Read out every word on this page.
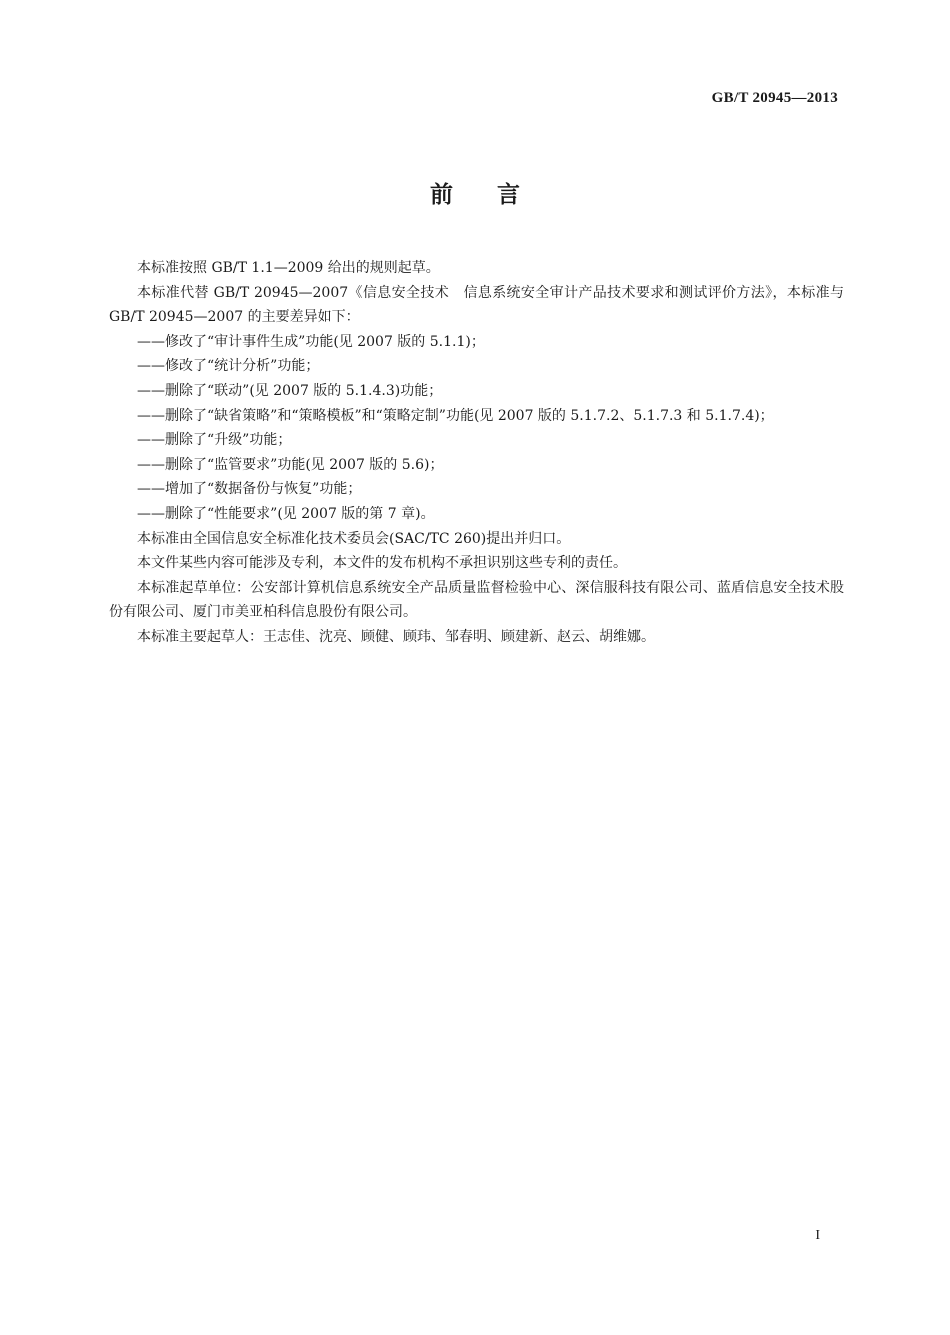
GB/T 20945—2013
前言

本标准按照 GB/T 1.1—2009 给出的规则起草。

本标准代替 GB/T 20945—2007《信息安全技术　信息系统安全审计产品技术要求和测试评价方法》，本标准与 GB/T 20945—2007 的主要差异如下：

——修改了“审计事件生成”功能(见 2007 版的 5.1.1)；

——修改了“统计分析”功能；

——删除了“联动”(见 2007 版的 5.1.4.3)功能；

——删除了“缺省策略”和“策略模板”和“策略定制”功能(见 2007 版的 5.1.7.2、5.1.7.3 和 5.1.7.4)；

——删除了“升级”功能；

——删除了“监管要求”功能(见 2007 版的 5.6)；

——增加了“数据备份与恢复”功能；

——删除了“性能要求”(见 2007 版的第 7 章)。

本标准由全国信息安全标准化技术委员会(SAC/TC 260)提出并归口。

本文件某些内容可能涉及专利，本文件的发布机构不承担识别这些专利的责任。

本标准起草单位：公安部计算机信息系统安全产品质量监督检验中心、深信服科技有限公司、蓝盾信息安全技术股份有限公司、厦门市美亚柏科信息股份有限公司。

本标准主要起草人：王志佳、沈亮、顾健、顾玮、邹春明、顾建新、赵云、胡维娜。

I
